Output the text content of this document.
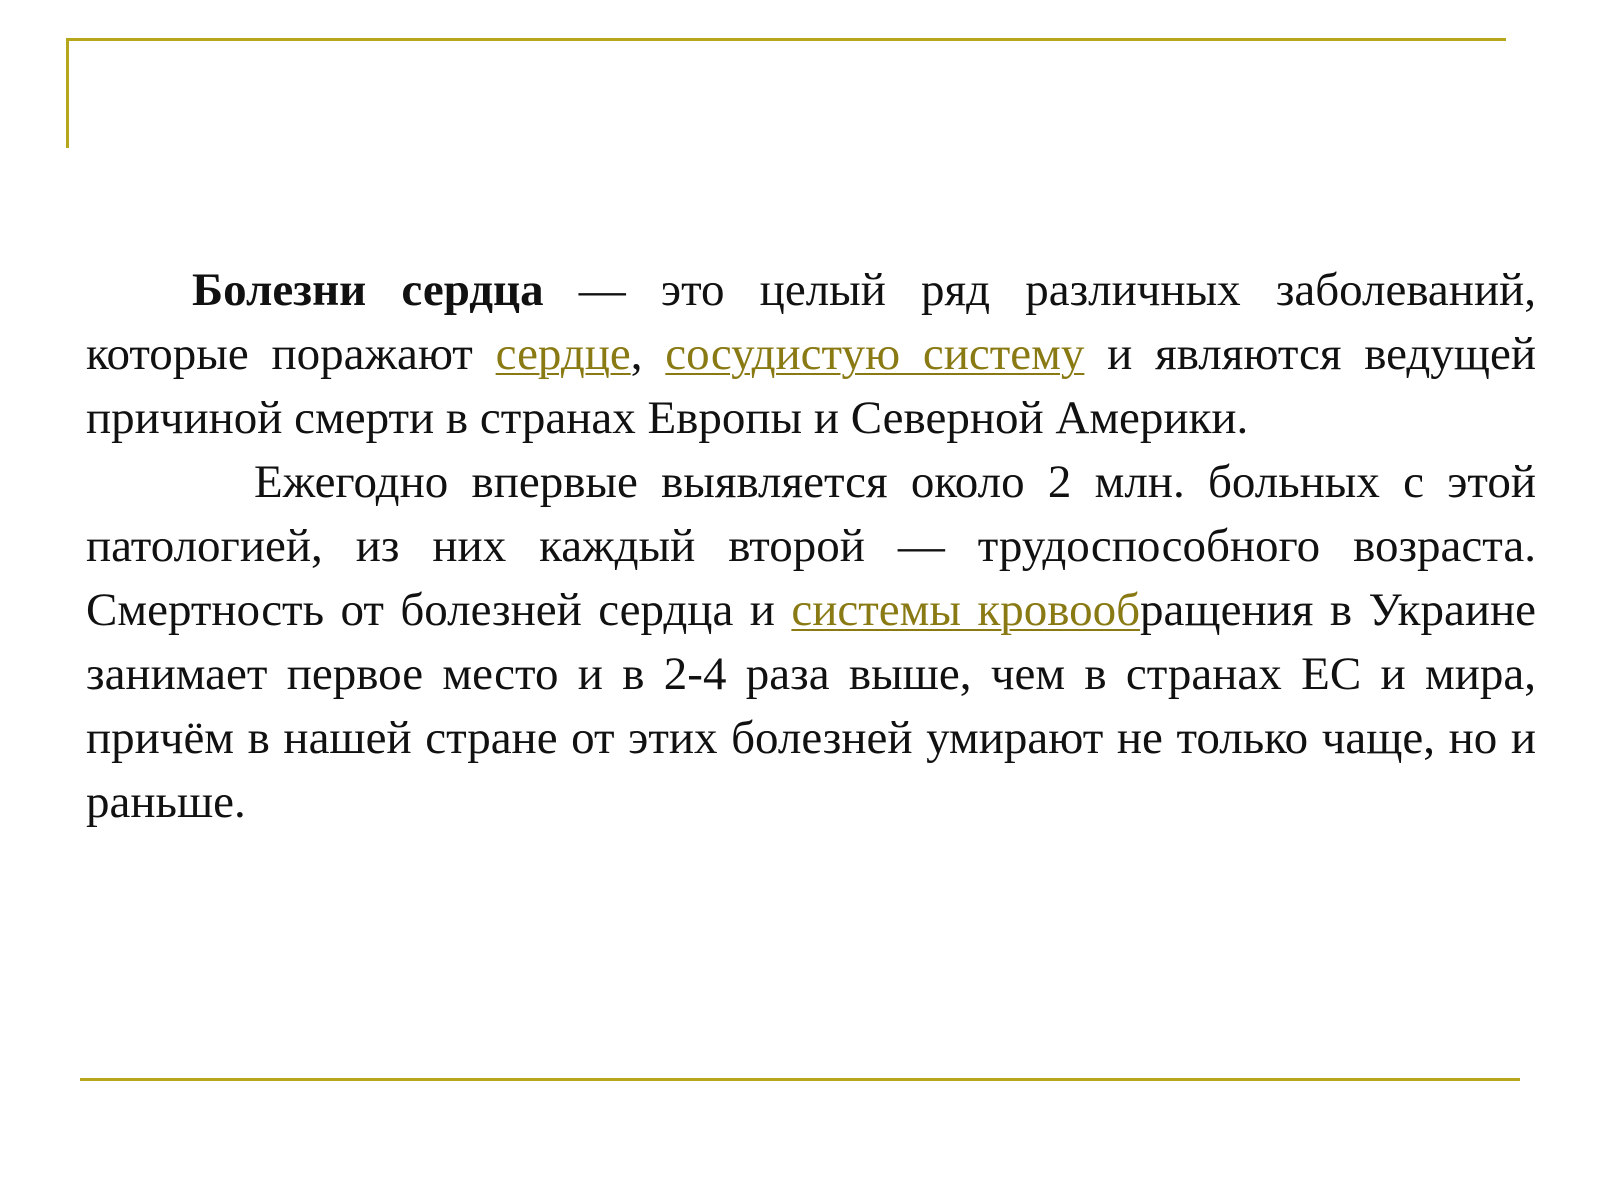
Болезни сердца — это целый ряд различных заболеваний, которые поражают сердце, сосудистую систему и являются ведущей причиной смерти в странах Европы и Северной Америки.

Ежегодно впервые выявляется около 2 млн. больных с этой патологией, из них каждый второй — трудоспособного возраста. Смертность от болезней сердца и системы кровообращения в Украине занимает первое место и в 2-4 раза выше, чем в странах ЕС и мира, причём в нашей стране от этих болезней умирают не только чаще, но и раньше.
